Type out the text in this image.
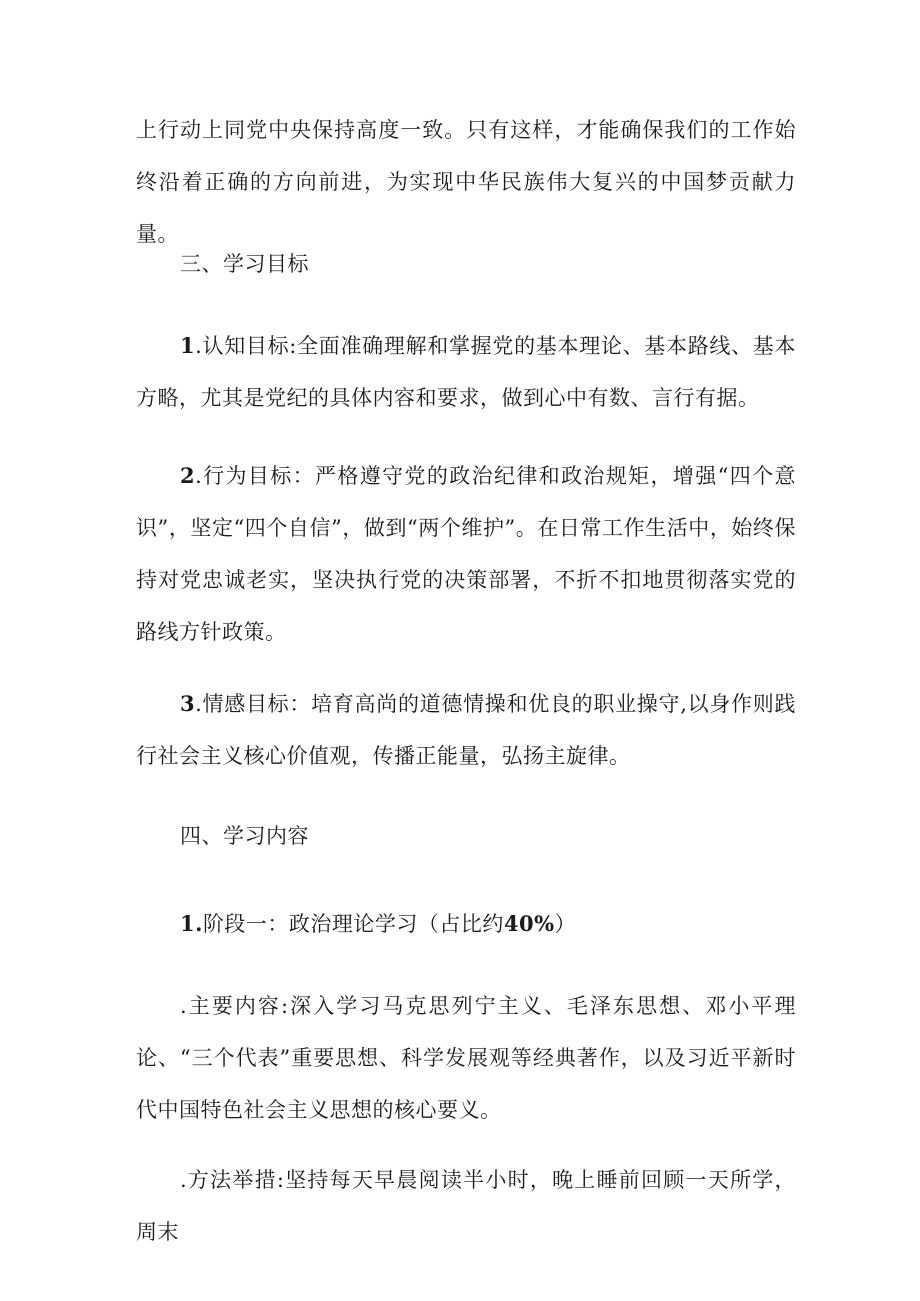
上行动上同党中央保持高度一致。只有这样，才能确保我们的工作始终沿着正确的方向前进，为实现中华民族伟大复兴的中国梦贡献力量。

三、学习目标

1.认知目标:全面准确理解和掌握党的基本理论、基本路线、基本方略，尤其是党纪的具体内容和要求，做到心中有数、言行有据。

2.行为目标：严格遵守党的政治纪律和政治规矩，增强“四个意识”，坚定“四个自信”，做到“两个维护”。在日常工作生活中，始终保持对党忠诚老实，坚决执行党的决策部署，不折不扣地贯彻落实党的路线方针政策。

3.情感目标：培育高尚的道德情操和优良的职业操守,以身作则践行社会主义核心价值观，传播正能量，弘扬主旋律。

四、学习内容

1.阶段一：政治理论学习（占比约40%）

.主要内容:深入学习马克思列宁主义、毛泽东思想、邓小平理论、“三个代表”重要思想、科学发展观等经典著作，以及习近平新时代中国特色社会主义思想的核心要义。

.方法举措:坚持每天早晨阅读半小时，晚上睡前回顾一天所学，周末
